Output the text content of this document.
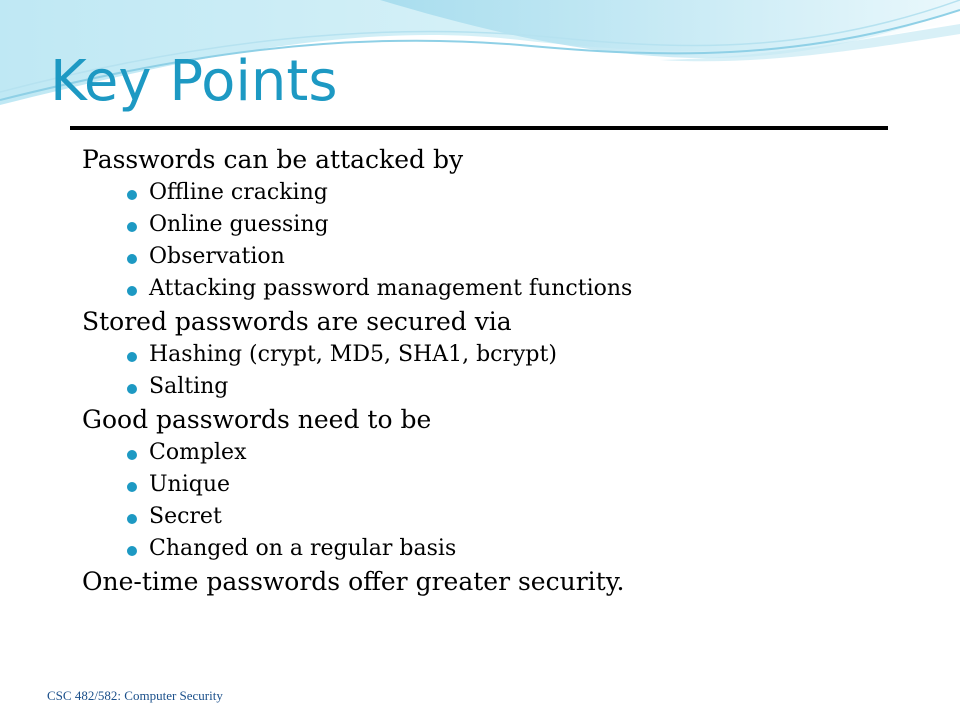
Key Points
Passwords can be attacked by
Offline cracking
Online guessing
Observation
Attacking password management functions
Stored passwords are secured via
Hashing (crypt, MD5, SHA1, bcrypt)
Salting
Good passwords need to be
Complex
Unique
Secret
Changed on a regular basis
One-time passwords offer greater security.
CSC 482/582: Computer Security
